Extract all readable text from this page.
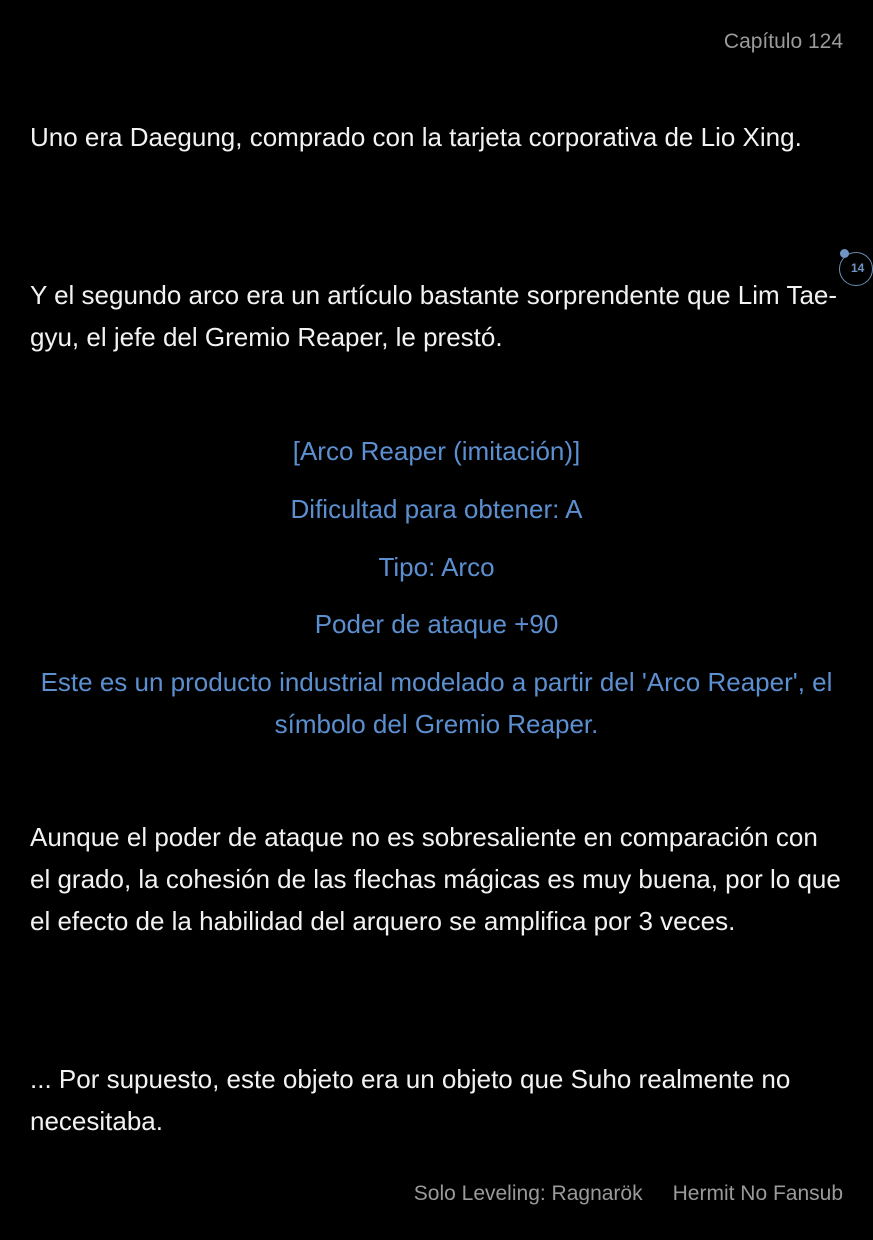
Capítulo 124
Uno era Daegung, comprado con la tarjeta corporativa de Lio Xing.
Y el segundo arco era un artículo bastante sorprendente que Lim Tae-gyu, el jefe del Gremio Reaper, le prestó.
14
[Arco Reaper (imitación)]
Dificultad para obtener: A
Tipo: Arco
Poder de ataque +90
Este es un producto industrial modelado a partir del 'Arco Reaper', el símbolo del Gremio Reaper.
Aunque el poder de ataque no es sobresaliente en comparación con el grado, la cohesión de las flechas mágicas es muy buena, por lo que el efecto de la habilidad del arquero se amplifica por 3 veces.
... Por supuesto, este objeto era un objeto que Suho realmente no necesitaba.
Solo Leveling: Ragnarök Hermit No Fansub
